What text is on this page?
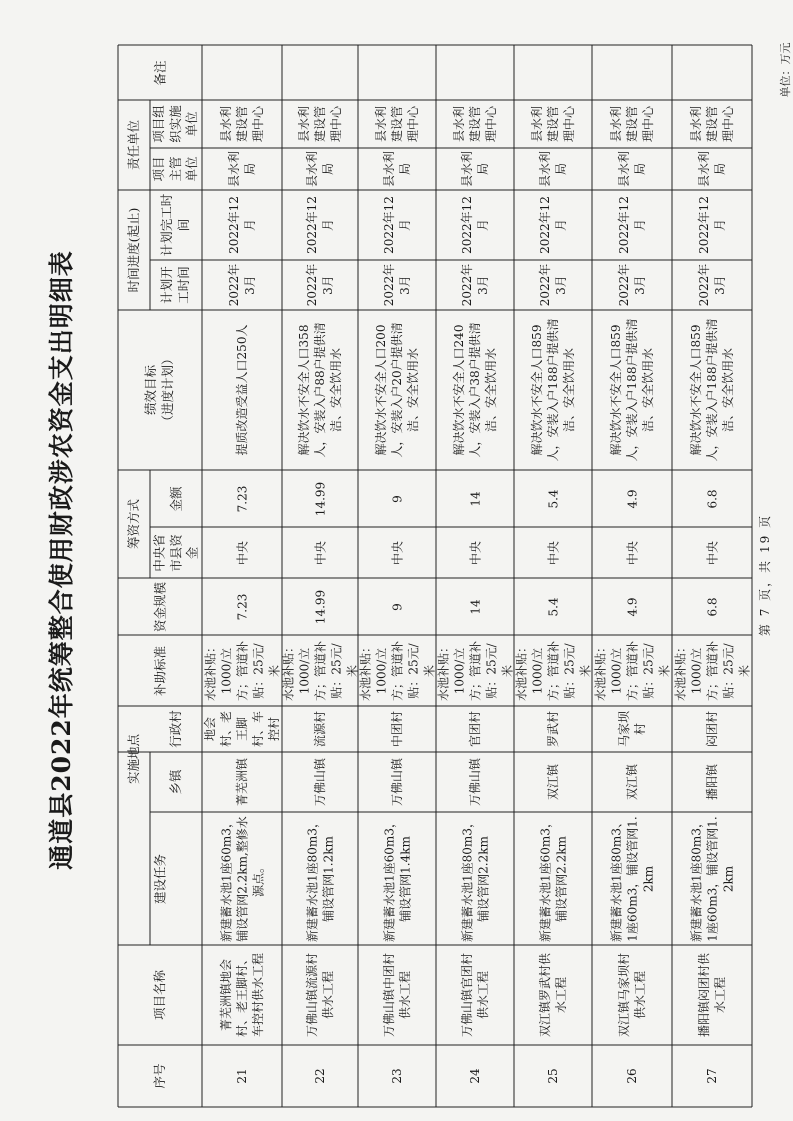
通道县2022年统筹整合使用财政涉农资金支出明细表
单位：万元
第 7 页，共 19 页
序号
项目名称
建设任务
实施地点	乡镇
行政村
补助标准
资金规模
筹资方式
中央省市县资金
金额
绩效目标
（进度计划）
时间进度(起止)	计划开工时间
计划完工时间
责任单位 项目主管单位
项目组织实施单位
备注
21
菁芜洲镇地会村、老王脚村、车控村供水工程
新建蓄水池1座60m3，铺设管网2.2km,整修水源点。
菁芜洲镇
地会村、老王脚村、车控村
水池补贴：1000/立方；管道补贴：25元/米
7.23
中央
7.23
提质改造受益人口250人
2022年3月
2022年12月
县水利局
县水利建设管理中心
22
万佛山镇流源村供水工程
新建蓄水池1座80m3，铺设管网1.2km
万佛山镇
流源村
水池补贴：1000/立方；管道补贴：25元/米
14.99
中央
14.99
解决饮水不安全人口358人，安装入户88户提供清洁、安全饮用水
2022年3月
2022年12月
县水利局
县水利建设管理中心
23
万佛山镇中团村供水工程
新建蓄水池1座60m3，铺设管网1.4km
万佛山镇
中团村
水池补贴：1000/立方；管道补贴：25元/米
9
中央
9
解决饮水不安全人口200人，安装入户20户提供清洁、安全饮用水
2022年3月
2022年12月
县水利局
县水利建设管理中心
24
万佛山镇官团村供水工程
新建蓄水池1座80m3，铺设管网2.2km
万佛山镇
官团村
水池补贴：1000/立方；管道补贴：25元/米
14
中央
14
解决饮水不安全人口240人，安装入户38户提供清洁、安全饮用水
2022年3月
2022年12月
县水利局
县水利建设管理中心
25
双江镇罗武村供水工程
新建蓄水池1座60m3，铺设管网2.2km
双江镇
罗武村
水池补贴：1000/立方；管道补贴：25元/米
5.4
中央
5.4
解决饮水不安全人口859人，安装入户188户提供清洁、安全饮用水
2022年3月
2022年12月
县水利局
县水利建设管理中心
26
双江镇马家坝村供水工程
新建蓄水池1座80m3、1座60m3，铺设管网1.2km
双江镇
马家坝村
水池补贴：1000/立方；管道补贴：25元/米
4.9
中央
4.9
解决饮水不安全人口859人，安装入户188户提供清洁、安全饮用水
2022年3月
2022年12月
县水利局
县水利建设管理中心
27
播阳镇闷团村供水工程
新建蓄水池1座80m3，1座60m3，铺设管网1.2km
播阳镇
闷团村
水池补贴：1000/立方；管道补贴：25元/米
6.8
中央
6.8
解决饮水不安全人口859人，安装入户188户提供清洁、安全饮用水
2022年3月
2022年12月
县水利局
县水利建设管理中心
